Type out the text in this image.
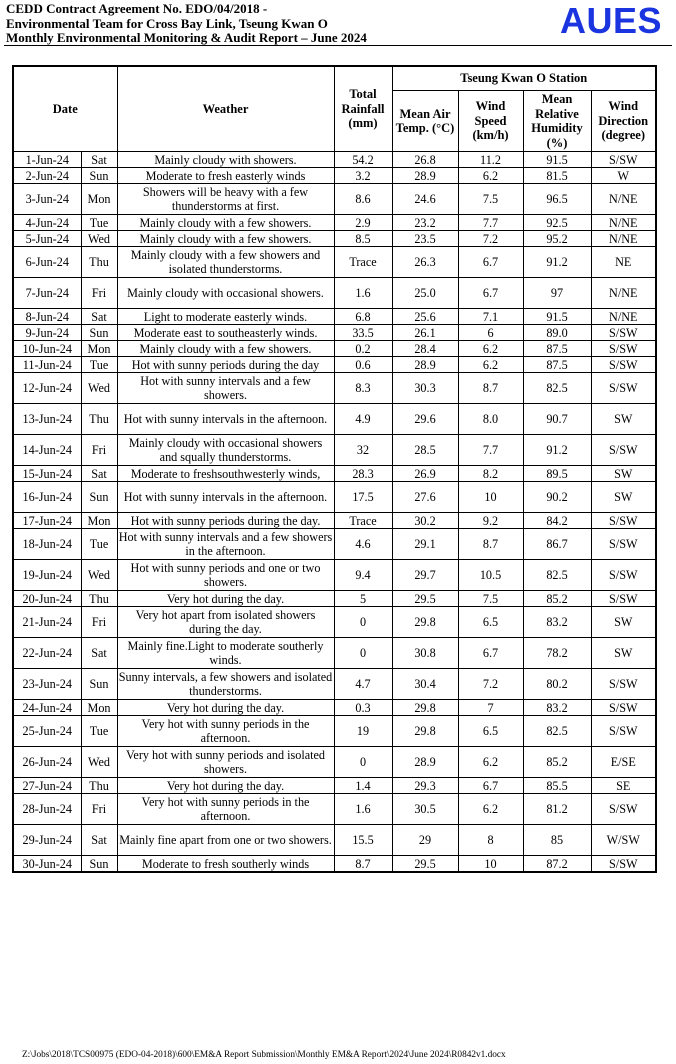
CEDD Contract Agreement No. EDO/04/2018 -
Environmental Team for Cross Bay Link, Tseung Kwan O
Monthly Environmental Monitoring & Audit Report – June 2024	AUES
Date		Weather	Total Rainfall (mm)	Tseung Kwan O Station			
				Mean Air Temp. (°C)	Wind Speed (km/h)	Mean Relative Humidity (%)	Wind Direction (degree)
1-Jun-24	Sat	Mainly cloudy with showers.	54.2	26.8	11.2	91.5	S/SW
2-Jun-24	Sun	Moderate to fresh easterly winds	3.2	28.9	6.2	81.5	W
3-Jun-24	Mon	Showers will be heavy with a few thunderstorms at first.	8.6	24.6	7.5	96.5	N/NE
4-Jun-24	Tue	Mainly cloudy with a few showers.	2.9	23.2	7.7	92.5	N/NE
5-Jun-24	Wed	Mainly cloudy with a few showers.	8.5	23.5	7.2	95.2	N/NE
6-Jun-24	Thu	Mainly cloudy with a few showers and isolated thunderstorms.	Trace	26.3	6.7	91.2	NE
7-Jun-24	Fri	Mainly cloudy with occasional showers.	1.6	25.0	6.7	97	N/NE
8-Jun-24	Sat	Light to moderate easterly winds.	6.8	25.6	7.1	91.5	N/NE
9-Jun-24	Sun	Moderate east to southeasterly winds.	33.5	26.1	6	89.0	S/SW
10-Jun-24	Mon	Mainly cloudy with a few showers.	0.2	28.4	6.2	87.5	S/SW
11-Jun-24	Tue	Hot with sunny periods during the day	0.6	28.9	6.2	87.5	S/SW
12-Jun-24	Wed	Hot with sunny intervals and a few showers.	8.3	30.3	8.7	82.5	S/SW
13-Jun-24	Thu	Hot with sunny intervals in the afternoon.	4.9	29.6	8.0	90.7	SW
14-Jun-24	Fri	Mainly cloudy with occasional showers and squally thunderstorms.	32	28.5	7.7	91.2	S/SW
15-Jun-24	Sat	Moderate to freshsouthwesterly winds,	28.3	26.9	8.2	89.5	SW
16-Jun-24	Sun	Hot with sunny intervals in the afternoon.	17.5	27.6	10	90.2	SW
17-Jun-24	Mon	Hot with sunny periods during the day.	Trace	30.2	9.2	84.2	S/SW
18-Jun-24	Tue	Hot with sunny intervals and a few showers in the afternoon.	4.6	29.1	8.7	86.7	S/SW
19-Jun-24	Wed	Hot with sunny periods and one or two showers.	9.4	29.7	10.5	82.5	S/SW
20-Jun-24	Thu	Very hot during the day.	5	29.5	7.5	85.2	S/SW
21-Jun-24	Fri	Very hot apart from isolated showers during the day.	0	29.8	6.5	83.2	SW
22-Jun-24	Sat	Mainly fine.Light to moderate southerly winds.	0	30.8	6.7	78.2	SW
23-Jun-24	Sun	Sunny intervals, a few showers and isolated thunderstorms.	4.7	30.4	7.2	80.2	S/SW
24-Jun-24	Mon	Very hot during the day.	0.3	29.8	7	83.2	S/SW
25-Jun-24	Tue	Very hot with sunny periods in the afternoon.	19	29.8	6.5	82.5	S/SW
26-Jun-24	Wed	Very hot with sunny periods and isolated showers.	0	28.9	6.2	85.2	E/SE
27-Jun-24	Thu	Very hot during the day.	1.4	29.3	6.7	85.5	SE
28-Jun-24	Fri	Very hot with sunny periods in the afternoon.	1.6	30.5	6.2	81.2	S/SW
29-Jun-24	Sat	Mainly fine apart from one or two showers.	15.5	29	8	85	W/SW
30-Jun-24	Sun	Moderate to fresh southerly winds	8.7	29.5	10	87.2	S/SW
Z:\Jobs\2018\TCS00975 (EDO-04-2018)\600\EM&A Report Submission\Monthly EM&A Report\2024\June 2024\R0842v1.docx
